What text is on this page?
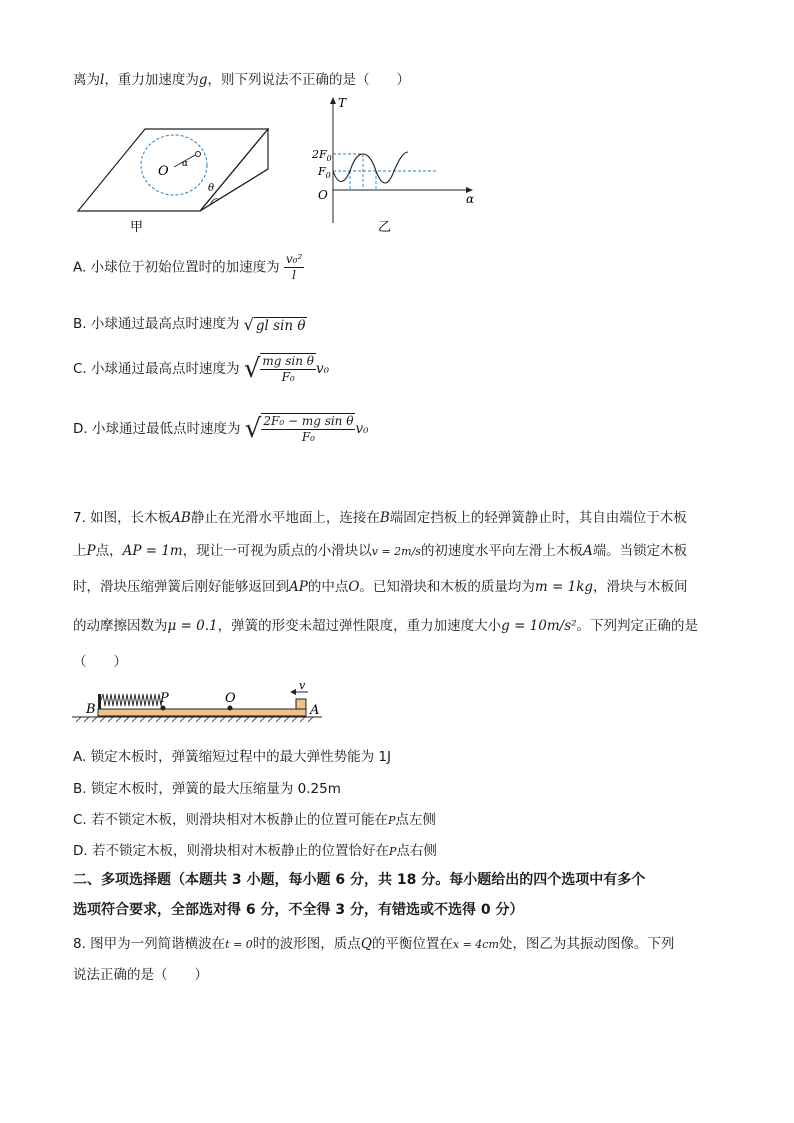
离为l，重力加速度为g，则下列说法不正确的是（　　）
O α
θ
甲
T
α
O
$2F_0$
$F_0$
乙
A. 小球位于初始位置时的加速度为 $\frac{\text{v₀²}}{l}$
B. 小球通过最高点时速度为 √ gl sin θ
C. 小球通过最高点时速度为 √ $\frac{\text{mg sin θ}}{\text{F₀}} v_0$
D. 小球通过最低点时速度为 √ $\frac{\text{2F₀ − mg sin θ}}{\text{F₀}} v_0$
7. 如图，长木板AB静止在光滑水平地面上，连接在B端固定挡板上的轻弹簧静止时，其自由端位于木板
上P点，AP = 1m，现让一可视为质点的小滑块以v = 2m/s的初速度水平向左滑上木板A端。当锁定木板
时，滑块压缩弹簧后刚好能够返回到AP的中点O。已知滑块和木板的质量均为m = 1kg，滑块与木板间
的动摩擦因数为μ = 0.1，弹簧的形变未超过弹性限度，重力加速度大小g = 10m/s²。下列判定正确的是
（　　）
B
P	O
v
A
A. 锁定木板时，弹簧缩短过程中的最大弹性势能为 1J
B. 锁定木板时，弹簧的最大压缩量为 0.25m
C. 若不锁定木板，则滑块相对木板静止的位置可能在P点左侧
D. 若不锁定木板，则滑块相对木板静止的位置恰好在P点右侧
二、多项选择题（本题共 3 小题，每小题 6 分，共 18 分。每小题给出的四个选项中有多个
选项符合要求，全部选对得 6 分，不全得 3 分，有错选或不选得 0 分）
8. 图甲为一列简谐横波在t = 0时的波形图，质点Q的平衡位置在x = 4cm处，图乙为其振动图像。下列
说法正确的是（　　）
